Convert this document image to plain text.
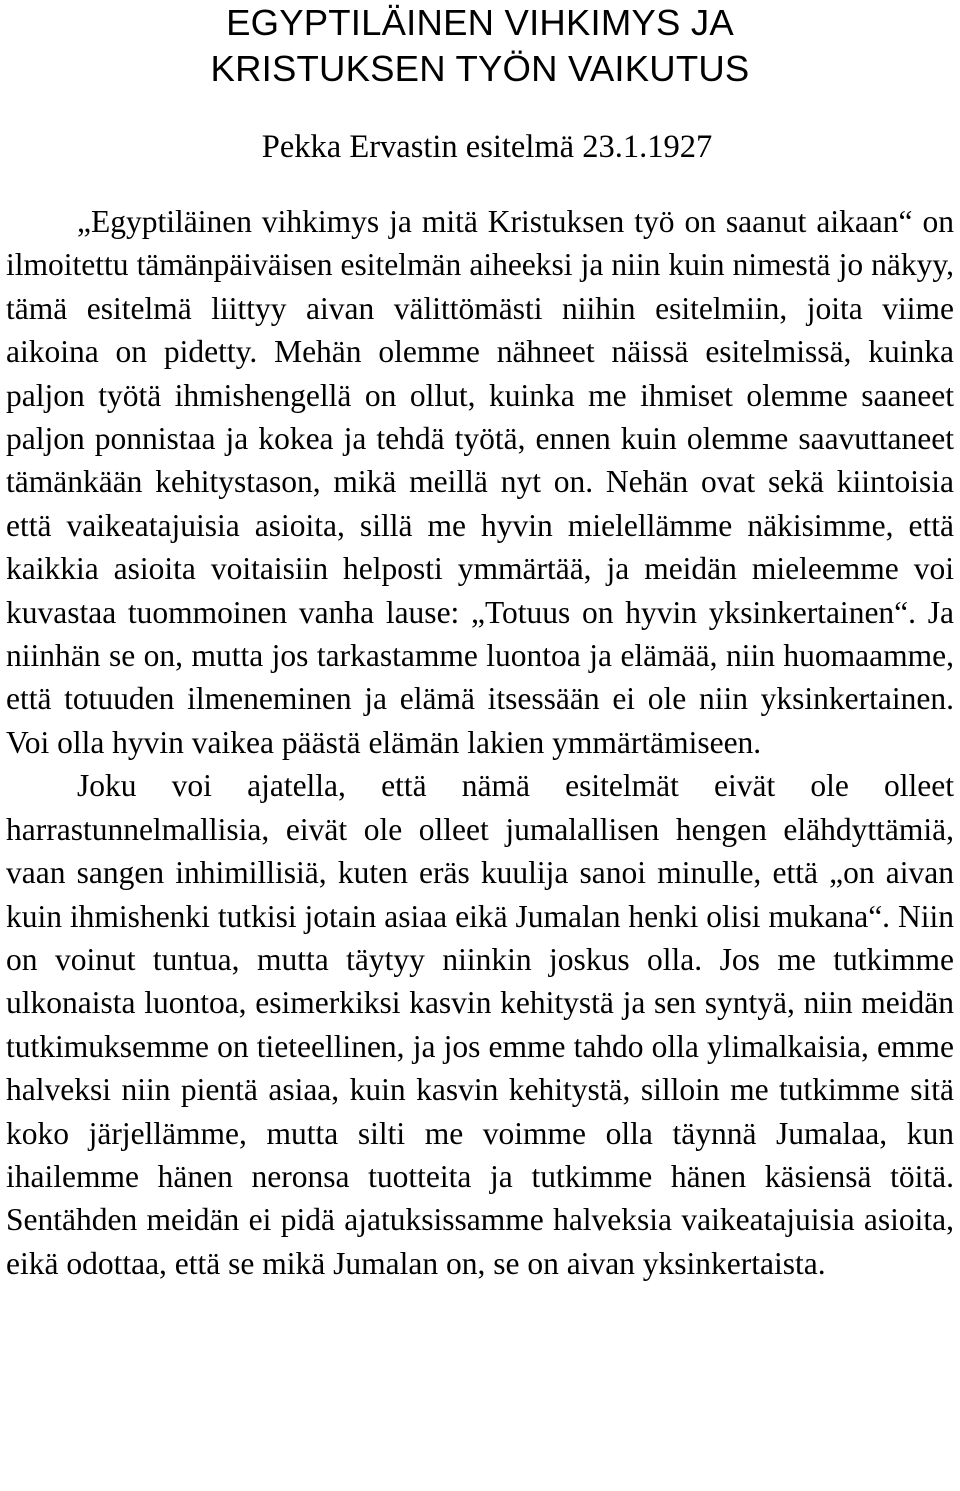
EGYPTILÄINEN VIHKIMYS JA
KRISTUKSEN TYÖN VAIKUTUS
Pekka Ervastin esitelmä 23.1.1927

„Egyptiläinen vihkimys ja mitä Kristuksen työ on saanut aikaan“ on ilmoitettu tämänpäiväisen esitelmän aiheeksi ja niin kuin nimestä jo näkyy, tämä esitelmä liittyy aivan välittömästi niihin esitelmiin, joita viime aikoina on pidetty. Mehän olemme nähneet näissä esitelmissä, kuinka paljon työtä ihmishengellä on ollut, kuinka me ihmiset olemme saaneet paljon ponnistaa ja kokea ja tehdä työtä, ennen kuin olemme saavuttaneet tämänkään kehitystason, mikä meillä nyt on. Nehän ovat sekä kiintoisia että vaikeatajuisia asioita, sillä me hyvin mielellämme näkisimme, että kaikkia asioita voitaisiin helposti ymmärtää, ja meidän mieleemme voi kuvastaa tuommoinen vanha lause: „Totuus on hyvin yksinkertainen“. Ja niinhän se on, mutta jos tarkastamme luontoa ja elämää, niin huomaamme, että totuuden ilmeneminen ja elämä itsessään ei ole niin yksinkertainen. Voi olla hyvin vaikea päästä elämän lakien ymmärtämiseen.

Joku voi ajatella, että nämä esitelmät eivät ole olleet harrastunnelmallisia, eivät ole olleet jumalallisen hengen elähdyttämiä, vaan sangen inhimillisiä, kuten eräs kuulija sanoi minulle, että „on aivan kuin ihmishenki tutkisi jotain asiaa eikä Jumalan henki olisi mukana“. Niin on voinut tuntua, mutta täytyy niinkin joskus olla. Jos me tutkimme ulkonaista luontoa, esimerkiksi kasvin kehitystä ja sen syntyä, niin meidän tutkimuksemme on tieteellinen, ja jos emme tahdo olla ylimalkaisia, emme halveksi niin pientä asiaa, kuin kasvin kehitystä, silloin me tutkimme sitä koko järjellämme, mutta silti me voimme olla täynnä Jumalaa, kun ihailemme hänen neronsa tuotteita ja tutkimme hänen käsiensä töitä. Sentähden meidän ei pidä ajatuksissamme halveksia vaikeatajuisia asioita, eikä odottaa, että se mikä Jumalan on, se on aivan yksinkertaista.
